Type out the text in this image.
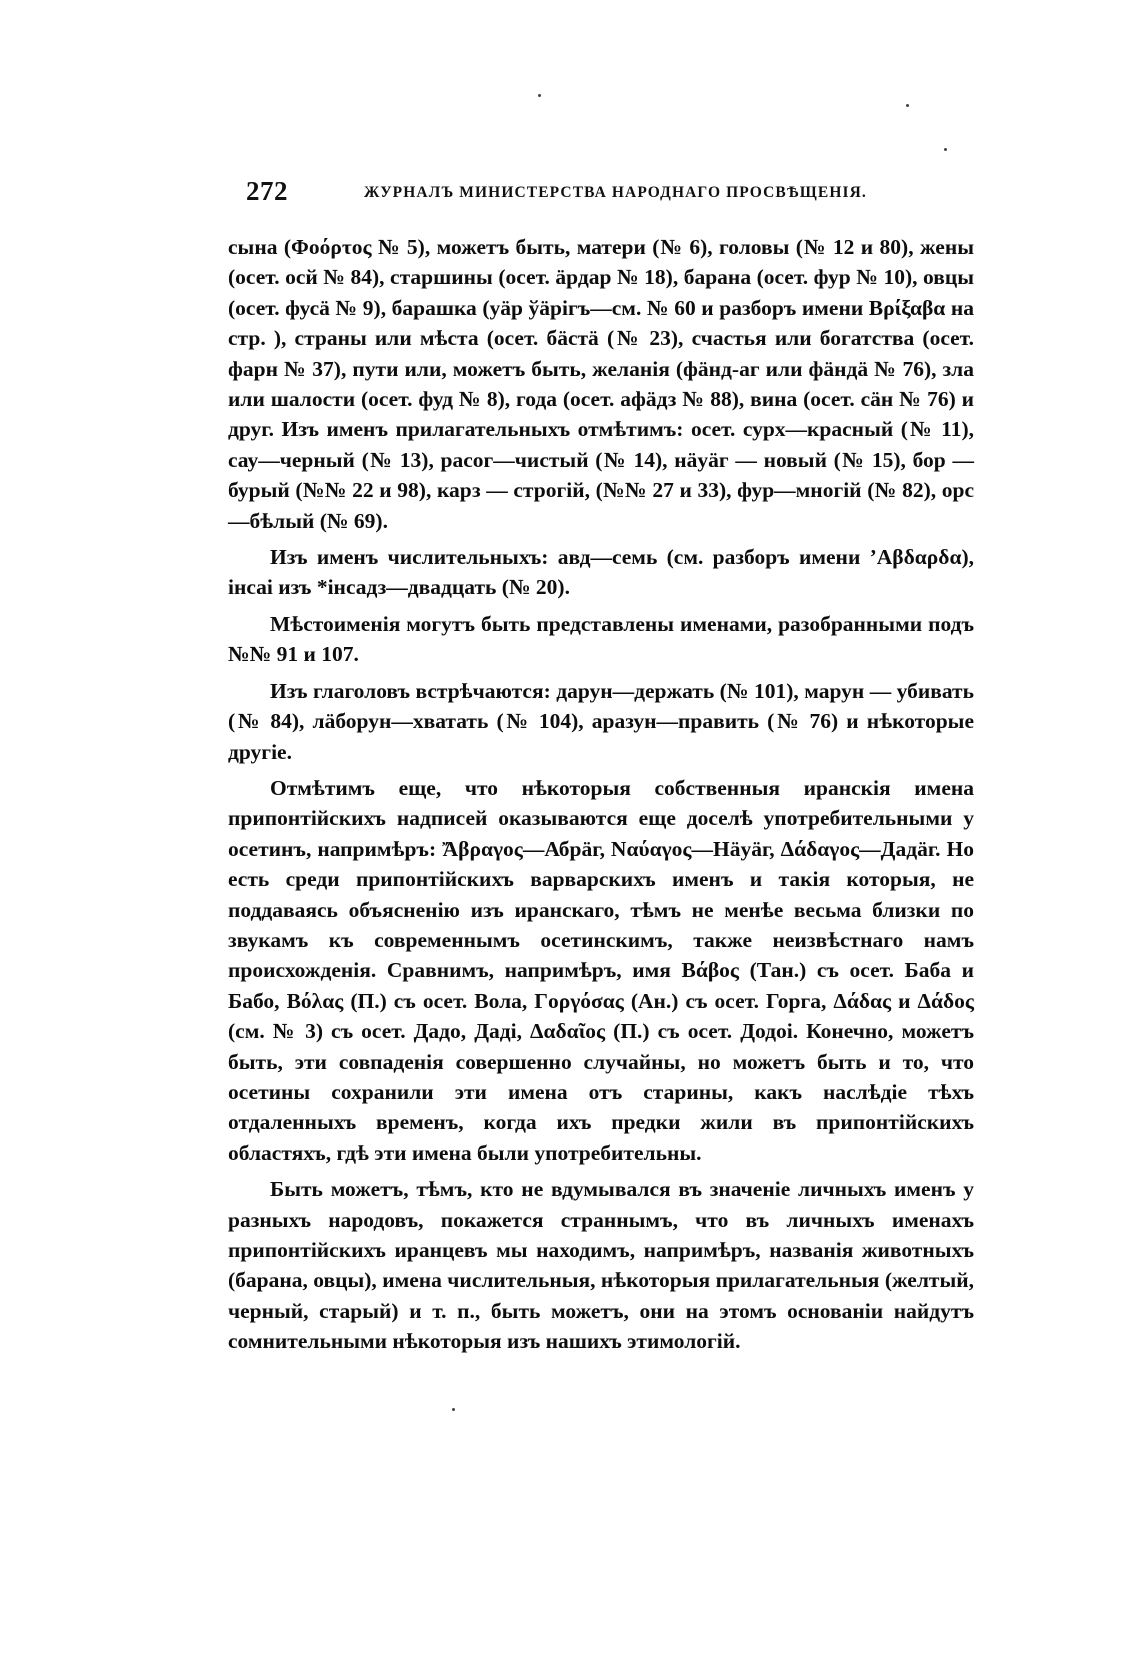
272	ЖУРНАЛЪ МИНИСТЕРСТВА НАРОДНАГО ПРОСВѢЩЕНІЯ.

сына (Φοόρτος № 5), можетъ быть, матери (№ 6), головы (№ 12 и 80), жены (осет. осй № 84), старшины (осет. ӓрдар № 18), барана (осет. фур № 10), овцы (осет. фусӓ № 9), барашка (уӓр ўӓрігъ—см. № 60 и разборъ имени Βρίξαβα на стр. ), страны или мѣста (осет. бӓстӓ (№ 23), счастья или богатства (осет. фарн № 37), пути или, можетъ быть, желанія (фӓнд-аг или фӓндӓ № 76), зла или шалости (осет. фуд № 8), года (осет. афӓдз № 88), вина (осет. сӓн № 76) и друг. Изъ именъ прилагательныхъ отмѣтимъ: осет. сурх—красный (№ 11), сау—черный (№ 13), расог—чистый (№ 14), нӓуӓг — новый (№ 15), бор — бурый (№№ 22 и 98), карз — строгій, (№№ 27 и 33), фур—многій (№ 82), орс—бѣлый (№ 69).

Изъ именъ числительныхъ: авд—семь (см. разборъ имени ’Αβδαρδα), інсаі изъ *інсадз—двадцать (№ 20).

Мѣстоименія могутъ быть представлены именами, разобранными подъ №№ 91 и 107.

Изъ глаголовъ встрѣчаются: дарун—держать (№ 101), марун — убивать (№ 84), лӓборун—хватать (№ 104), аразун—править (№ 76) и нѣкоторые другіе.

Отмѣтимъ еще, что нѣкоторыя собственныя иранскія имена припонтійскихъ надписей оказываются еще доселѣ употребительными у осетинъ, напримѣръ: Ἄβραγος—Абрӓг, Ναύαγος—Нӓуӓг, Δάδαγος—Дадӓг. Но есть среди припонтійскихъ варварскихъ именъ и такія которыя, не поддаваясь объясненію изъ иранскаго, тѣмъ не менѣе весьма близки по звукамъ къ современнымъ осетинскимъ, также неизвѣстнаго намъ происхожденія. Сравнимъ, напримѣръ, имя Βάβος (Тан.) съ осет. Баба и Бабо, Βόλας (П.) съ осет. Вола, Γοργόσας (Ан.) съ осет. Горга, Δάδας и Δάδος (см. № 3) съ осет. Дадо, Даді, Δαδαῖος (П.) съ осет. Додоі. Конечно, можетъ быть, эти совпаденія совершенно случайны, но можетъ быть и то, что осетины сохранили эти имена отъ старины, какъ наслѣдіе тѣхъ отдаленныхъ временъ, когда ихъ предки жили въ припонтійскихъ областяхъ, гдѣ эти имена были употребительны.

Быть можетъ, тѣмъ, кто не вдумывался въ значеніе личныхъ именъ у разныхъ народовъ, покажется страннымъ, что въ личныхъ именахъ припонтійскихъ иранцевъ мы находимъ, напримѣръ, названія животныхъ (барана, овцы), имена числительныя, нѣкоторыя прилагательныя (желтый, черный, старый) и т. п., быть можетъ, они на этомъ основаніи найдутъ сомнительными нѣкоторыя изъ нашихъ этимологій.
